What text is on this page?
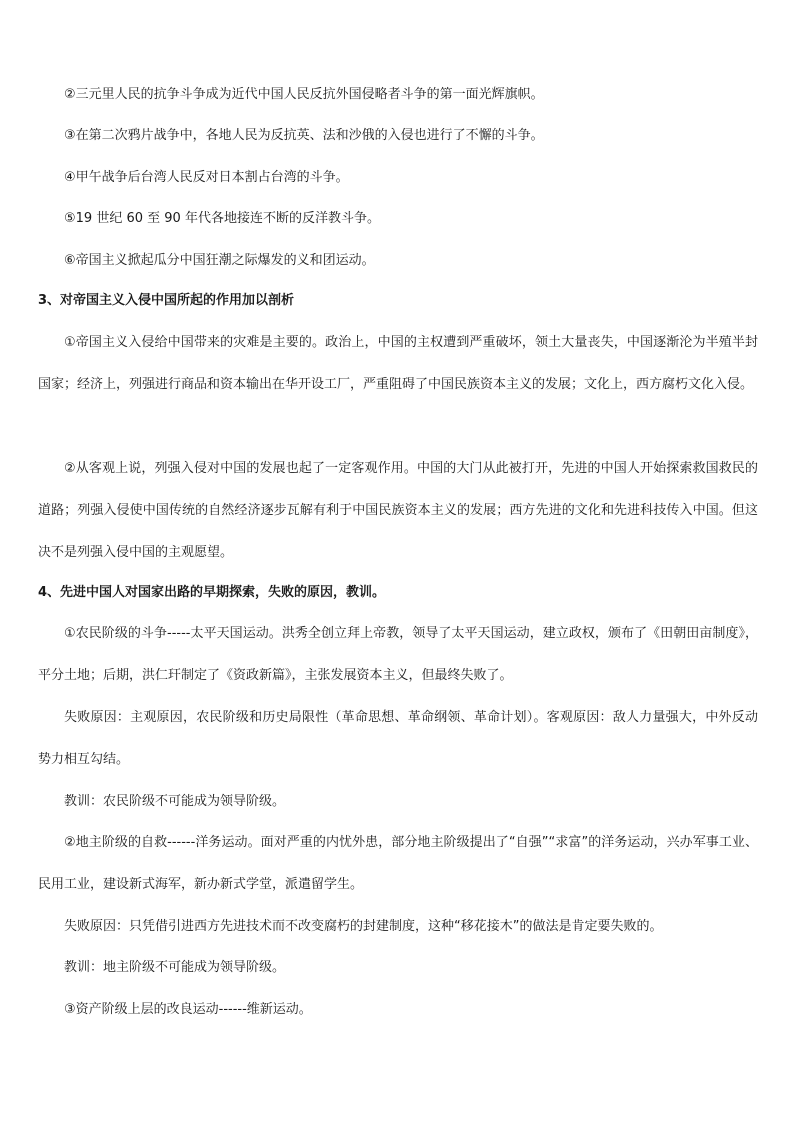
②三元里人民的抗争斗争成为近代中国人民反抗外国侵略者斗争的第一面光辉旗帜。

③在第二次鸦片战争中，各地人民为反抗英、法和沙俄的入侵也进行了不懈的斗争。

④甲午战争后台湾人民反对日本割占台湾的斗争。

⑤19 世纪 60 至 90 年代各地接连不断的反洋教斗争。

⑥帝国主义掀起瓜分中国狂潮之际爆发的义和团运动。

3、对帝国主义入侵中国所起的作用加以剖析

①帝国主义入侵给中国带来的灾难是主要的。政治上，中国的主权遭到严重破坏，领土大量丧失，中国逐渐沦为半殖半封国家；经济上，列强进行商品和资本输出在华开设工厂，严重阻碍了中国民族资本主义的发展；文化上，西方腐朽文化入侵。

②从客观上说，列强入侵对中国的发展也起了一定客观作用。中国的大门从此被打开，先进的中国人开始探索救国救民的道路；列强入侵使中国传统的自然经济逐步瓦解有利于中国民族资本主义的发展；西方先进的文化和先进科技传入中国。但这决不是列强入侵中国的主观愿望。

4、先进中国人对国家出路的早期探索，失败的原因，教训。

①农民阶级的斗争-----太平天国运动。洪秀全创立拜上帝教，领导了太平天国运动，建立政权，颁布了《田朝田亩制度》，平分土地；后期，洪仁玕制定了《资政新篇》，主张发展资本主义，但最终失败了。

失败原因：主观原因，农民阶级和历史局限性（革命思想、革命纲领、革命计划）。客观原因：敌人力量强大，中外反动势力相互勾结。

教训：农民阶级不可能成为领导阶级。

②地主阶级的自救------洋务运动。面对严重的内忧外患，部分地主阶级提出了“自强”“求富”的洋务运动，兴办军事工业、民用工业，建设新式海军，新办新式学堂，派遣留学生。

失败原因：只凭借引进西方先进技术而不改变腐朽的封建制度，这种“移花接木”的做法是肯定要失败的。

教训：地主阶级不可能成为领导阶级。

③资产阶级上层的改良运动------维新运动。
